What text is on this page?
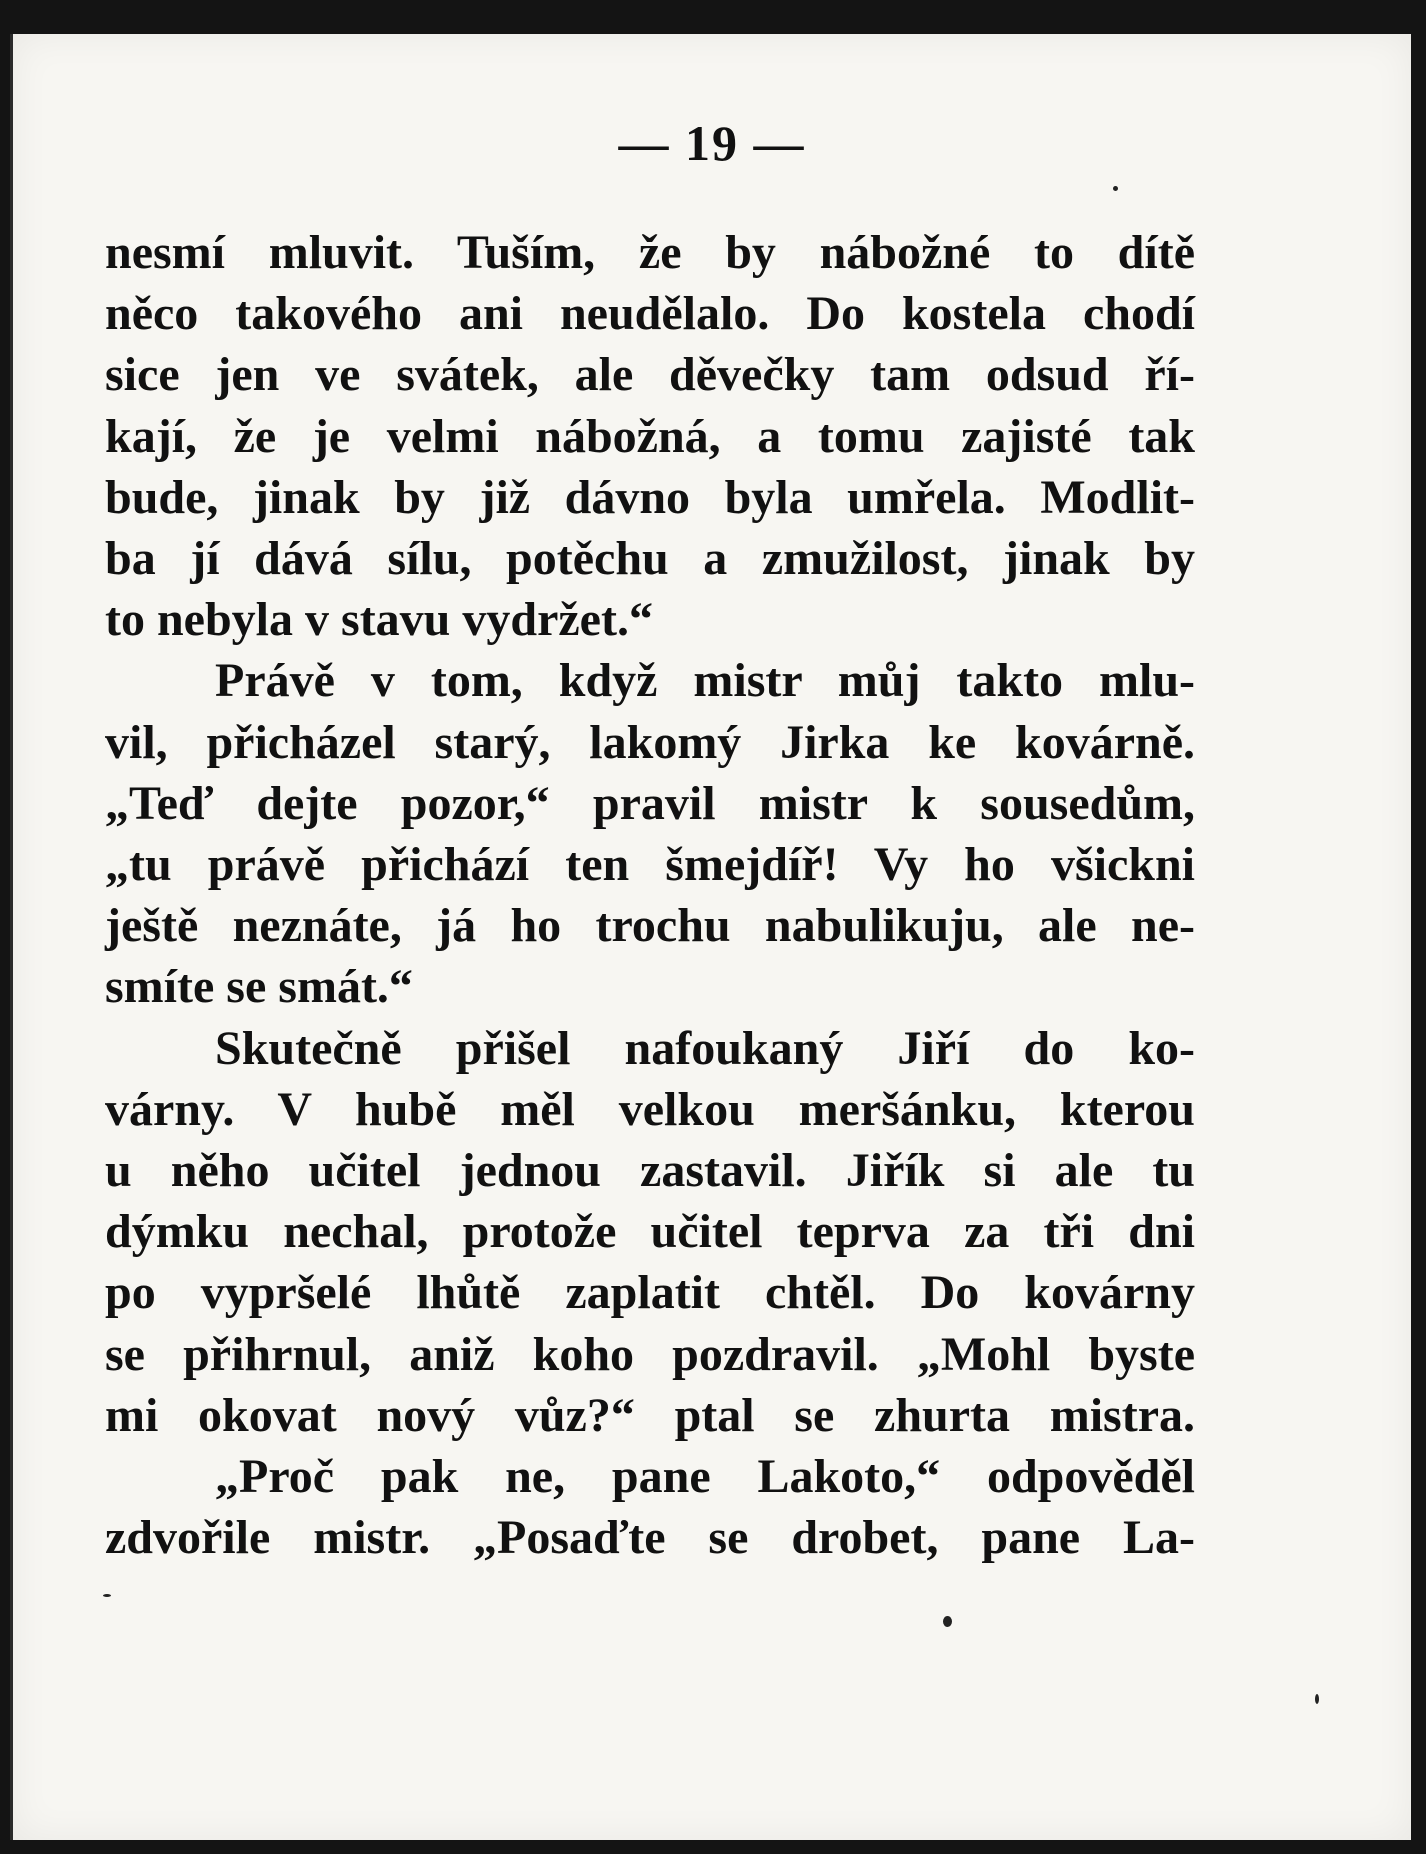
— 19 —
nesmí mluvit. Tuším, že by nábožné to dítě
něco takového ani neudělalo. Do kostela chodí
sice jen ve svátek, ale děvečky tam odsud ří-
kají, že je velmi nábožná, a tomu zajisté tak
bude, jinak by již dávno byla umřela. Modlit-
ba jí dává sílu, potěchu a zmužilost, jinak by
to nebyla v stavu vydržet.“
Právě v tom, když mistr můj takto mlu-
vil, přicházel starý, lakomý Jirka ke kovárně.
„Teď dejte pozor,“ pravil mistr k sousedům,
„tu právě přichází ten šmejdíř! Vy ho všickni
ještě neznáte, já ho trochu nabulikuju, ale ne-
smíte se smát.“
Skutečně přišel nafoukaný Jiří do ko-
várny. V hubě měl velkou meršánku, kterou
u něho učitel jednou zastavil. Jiřík si ale tu
dýmku nechal, protože učitel teprva za tři dni
po vypršelé lhůtě zaplatit chtěl. Do kovárny
se přihrnul, aniž koho pozdravil. „Mohl byste
mi okovat nový vůz?“ ptal se zhurta mistra.
„Proč pak ne, pane Lakoto,“ odpověděl
zdvořile mistr. „Posaďte se drobet, pane La-
